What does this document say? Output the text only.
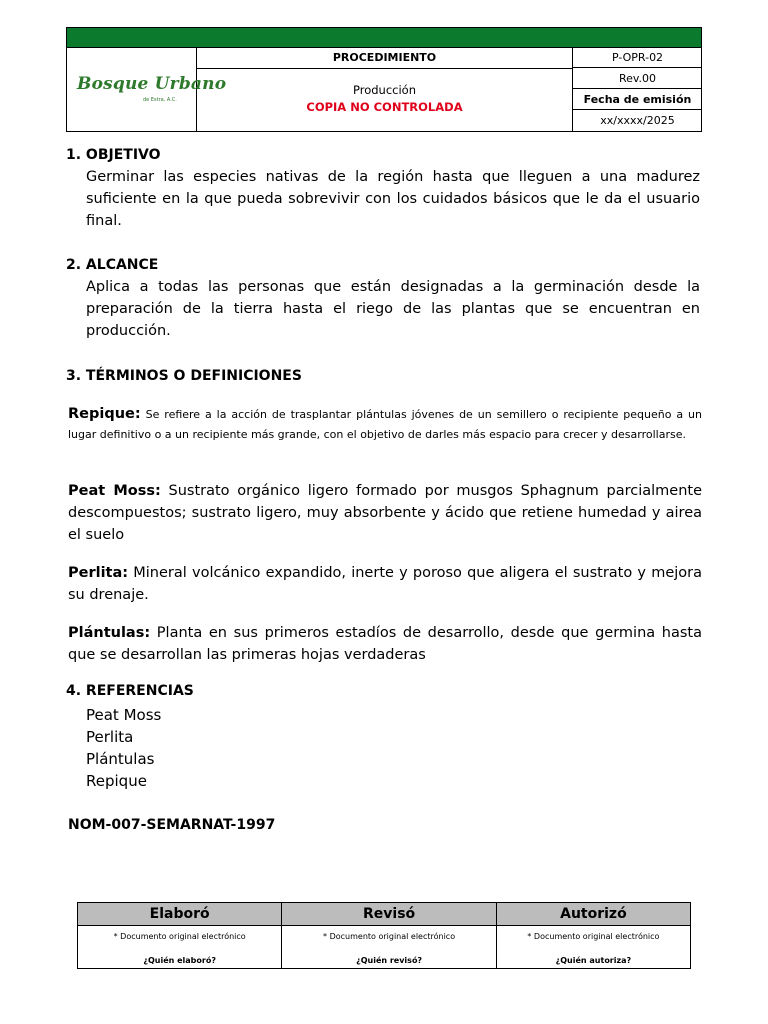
Bosque Urbano
de Estra, A.C.
PROCEDIMIENTO
Producción
COPIA NO CONTROLADA
P-OPR-02
Rev.00
Fecha de emisión
xx/xxxx/2025
1. OBJETIVO
Germinar las especies nativas de la región hasta que lleguen a una madurez suficiente en la que pueda sobrevivir con los cuidados básicos que le da el usuario final.
2. ALCANCE
Aplica a todas las personas que están designadas a la germinación desde la preparación de la tierra hasta el riego de las plantas que se encuentran en producción.
3. TÉRMINOS O DEFINICIONES
Repique: Se refiere a la acción de trasplantar plántulas jóvenes de un semillero o recipiente pequeño a un lugar definitivo o a un recipiente más grande, con el objetivo de darles más espacio para crecer y desarrollarse.
Peat Moss: Sustrato orgánico ligero formado por musgos Sphagnum parcialmente descompuestos; sustrato ligero, muy absorbente y ácido que retiene humedad y airea el suelo
Perlita: Mineral volcánico expandido, inerte y poroso que aligera el sustrato y mejora su drenaje.
Plántulas: Planta en sus primeros estadíos de desarrollo, desde que germina hasta que se desarrollan las primeras hojas verdaderas
4. REFERENCIAS
Peat Moss
Perlita
Plántulas
Repique
NOM-007-SEMARNAT-1997
Elaboró
* Documento original electrónico
¿Quién elaboró?
Revisó
* Documento original electrónico
¿Quién revisó?
Autorizó
* Documento original electrónico
¿Quién autoriza?
